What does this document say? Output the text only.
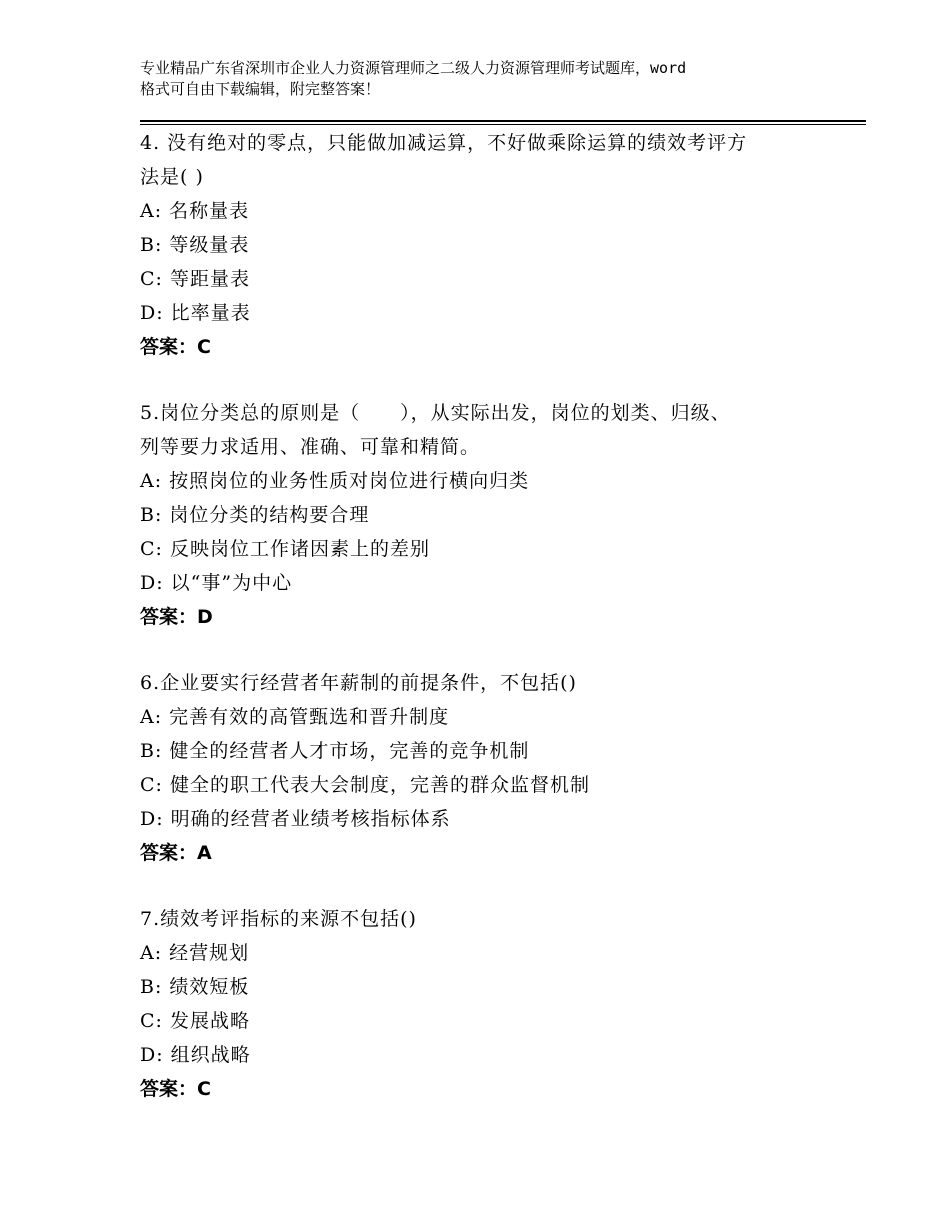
专业精品广东省深圳市企业人力资源管理师之二级人力资源管理师考试题库，word
格式可自由下载编辑，附完整答案！
4. 没有绝对的零点，只能做加减运算，不好做乘除运算的绩效考评方
法是( )
A: 名称量表
B: 等级量表
C: 等距量表
D: 比率量表
答案：C
5.岗位分类总的原则是（　　），从实际出发，岗位的划类、归级、
列等要力求适用、准确、可靠和精简。
A: 按照岗位的业务性质对岗位进行横向归类
B: 岗位分类的结构要合理
C: 反映岗位工作诸因素上的差别
D: 以“事”为中心
答案：D
6.企业要实行经营者年薪制的前提条件，不包括()
A: 完善有效的高管甄选和晋升制度
B: 健全的经营者人才市场，完善的竞争机制
C: 健全的职工代表大会制度，完善的群众监督机制
D: 明确的经营者业绩考核指标体系
答案：A
7.绩效考评指标的来源不包括()
A: 经营规划
B: 绩效短板
C: 发展战略
D: 组织战略
答案：C
